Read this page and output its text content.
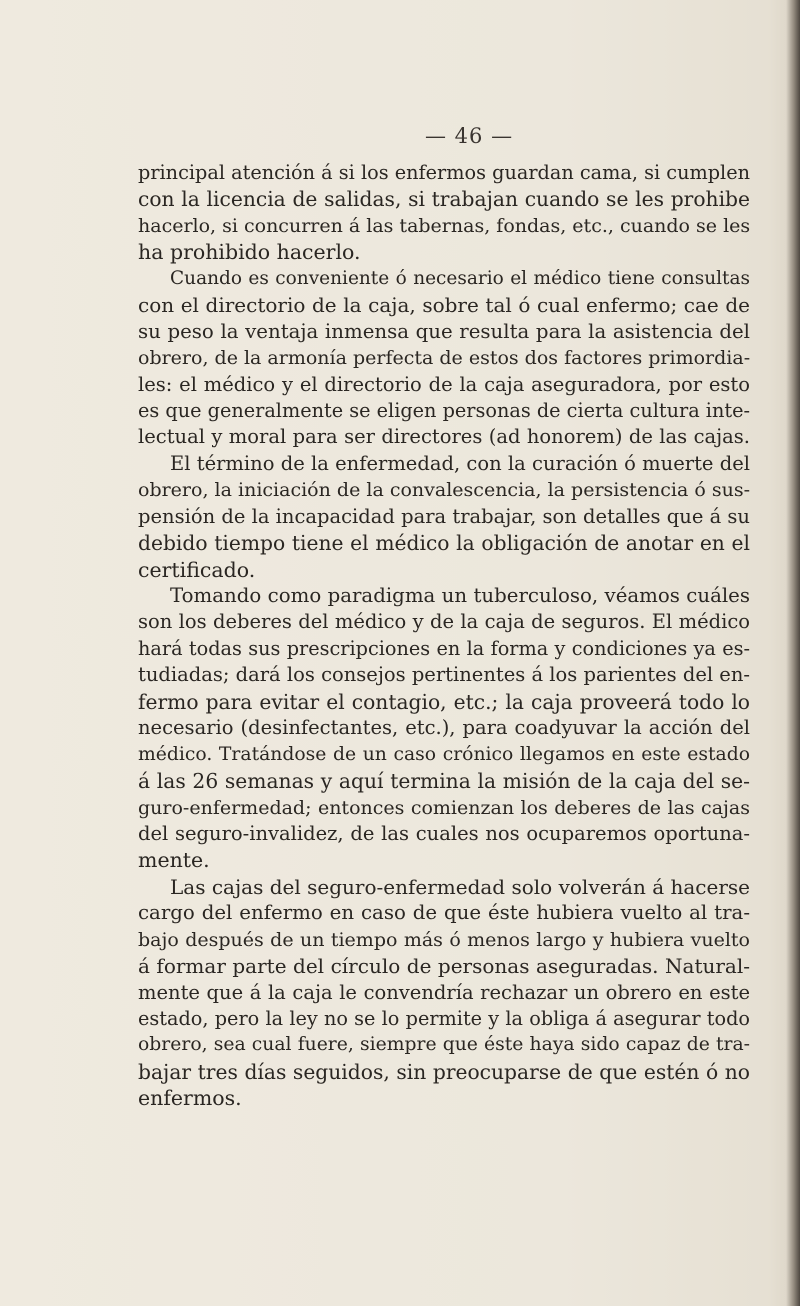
— 46 —
principal atención á si los enfermos guardan cama, si cumplen
con la licencia de salidas, si trabajan cuando se les prohibe
hacerlo, si concurren á las tabernas, fondas, etc., cuando se les
ha prohibido hacerlo.
Cuando es conveniente ó necesario el médico tiene consultas
con el directorio de la caja, sobre tal ó cual enfermo; cae de
su peso la ventaja inmensa que resulta para la asistencia del
obrero, de la armonía perfecta de estos dos factores primordia-
les: el médico y el directorio de la caja aseguradora, por esto
es que generalmente se eligen personas de cierta cultura inte-
lectual y moral para ser directores (ad honorem) de las cajas.
El término de la enfermedad, con la curación ó muerte del
obrero, la iniciación de la convalescencia, la persistencia ó sus-
pensión de la incapacidad para trabajar, son detalles que á su
debido tiempo tiene el médico la obligación de anotar en el
certificado.
Tomando como paradigma un tuberculoso, véamos cuáles
son los deberes del médico y de la caja de seguros. El médico
hará todas sus prescripciones en la forma y condiciones ya es-
tudiadas; dará los consejos pertinentes á los parientes del en-
fermo para evitar el contagio, etc.; la caja proveerá todo lo
necesario (desinfectantes, etc.), para coadyuvar la acción del
médico. Tratándose de un caso crónico llegamos en este estado
á las 26 semanas y aquí termina la misión de la caja del se-
guro-enfermedad; entonces comienzan los deberes de las cajas
del seguro-invalidez, de las cuales nos ocuparemos oportuna-
mente.
Las cajas del seguro-enfermedad solo volverán á hacerse
cargo del enfermo en caso de que éste hubiera vuelto al tra-
bajo después de un tiempo más ó menos largo y hubiera vuelto
á formar parte del círculo de personas aseguradas. Natural-
mente que á la caja le convendría rechazar un obrero en este
estado, pero la ley no se lo permite y la obliga á asegurar todo
obrero, sea cual fuere, siempre que éste haya sido capaz de tra-
bajar tres días seguidos, sin preocuparse de que estén ó no
enfermos.
